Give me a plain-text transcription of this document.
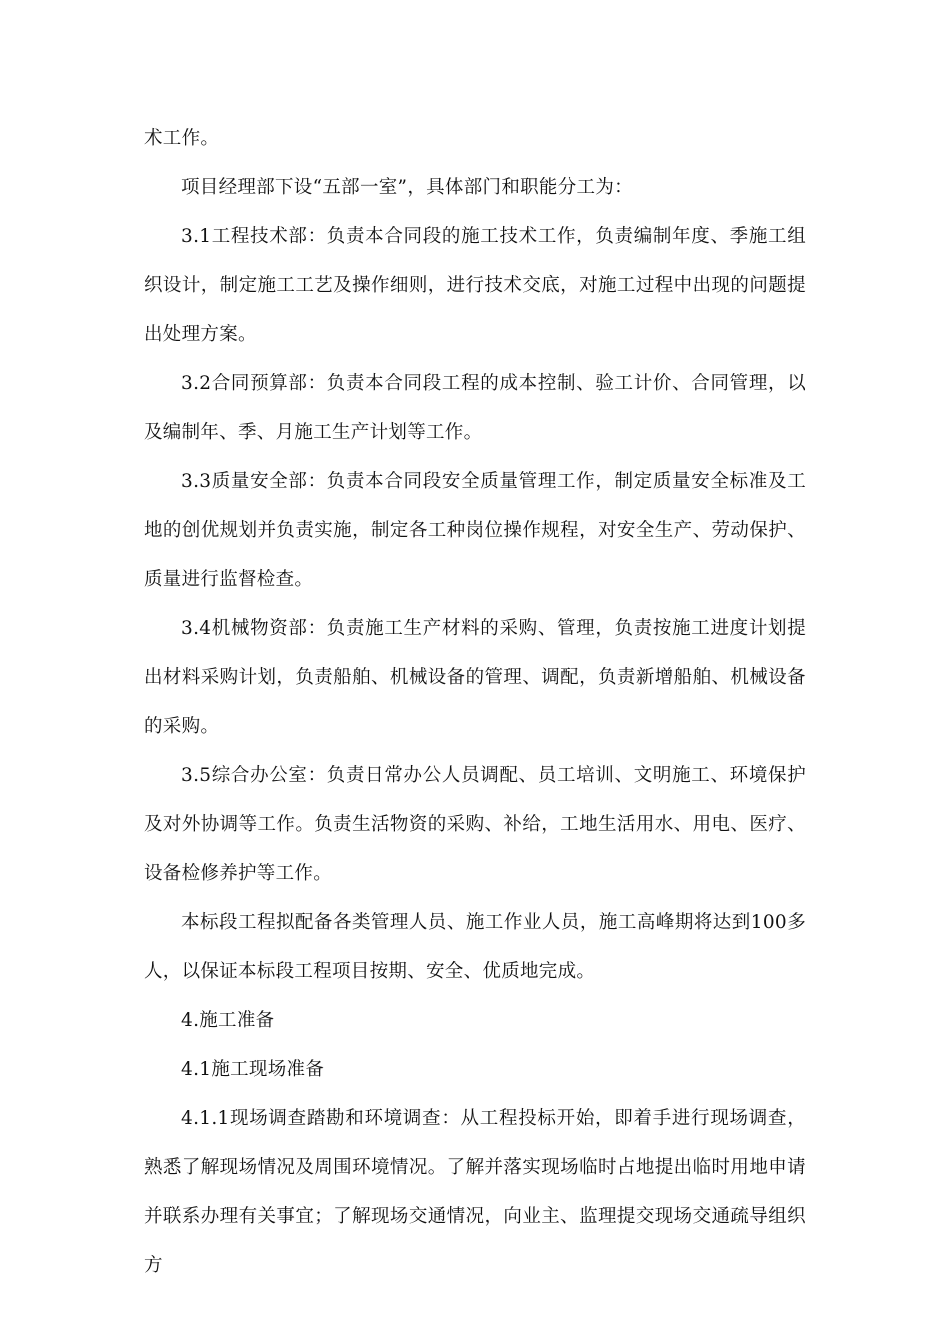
术工作。

项目经理部下设“五部一室”，具体部门和职能分工为：

3.1工程技术部：负责本合同段的施工技术工作，负责编制年度、季施工组织设计，制定施工工艺及操作细则，进行技术交底，对施工过程中出现的问题提出处理方案。

3.2合同预算部：负责本合同段工程的成本控制、验工计价、合同管理，以及编制年、季、月施工生产计划等工作。

3.3质量安全部：负责本合同段安全质量管理工作，制定质量安全标准及工地的创优规划并负责实施，制定各工种岗位操作规程，对安全生产、劳动保护、质量进行监督检查。

3.4机械物资部：负责施工生产材料的采购、管理，负责按施工进度计划提出材料采购计划，负责船舶、机械设备的管理、调配，负责新增船舶、机械设备的采购。

3.5综合办公室：负责日常办公人员调配、员工培训、文明施工、环境保护及对外协调等工作。负责生活物资的采购、补给，工地生活用水、用电、医疗、设备检修养护等工作。

本标段工程拟配备各类管理人员、施工作业人员，施工高峰期将达到100多人，以保证本标段工程项目按期、安全、优质地完成。

4.施工准备

4.1施工现场准备

4.1.1现场调查踏勘和环境调查：从工程投标开始，即着手进行现场调查，熟悉了解现场情况及周围环境情况。了解并落实现场临时占地提出临时用地申请并联系办理有关事宜；了解现场交通情况，向业主、监理提交现场交通疏导组织方
